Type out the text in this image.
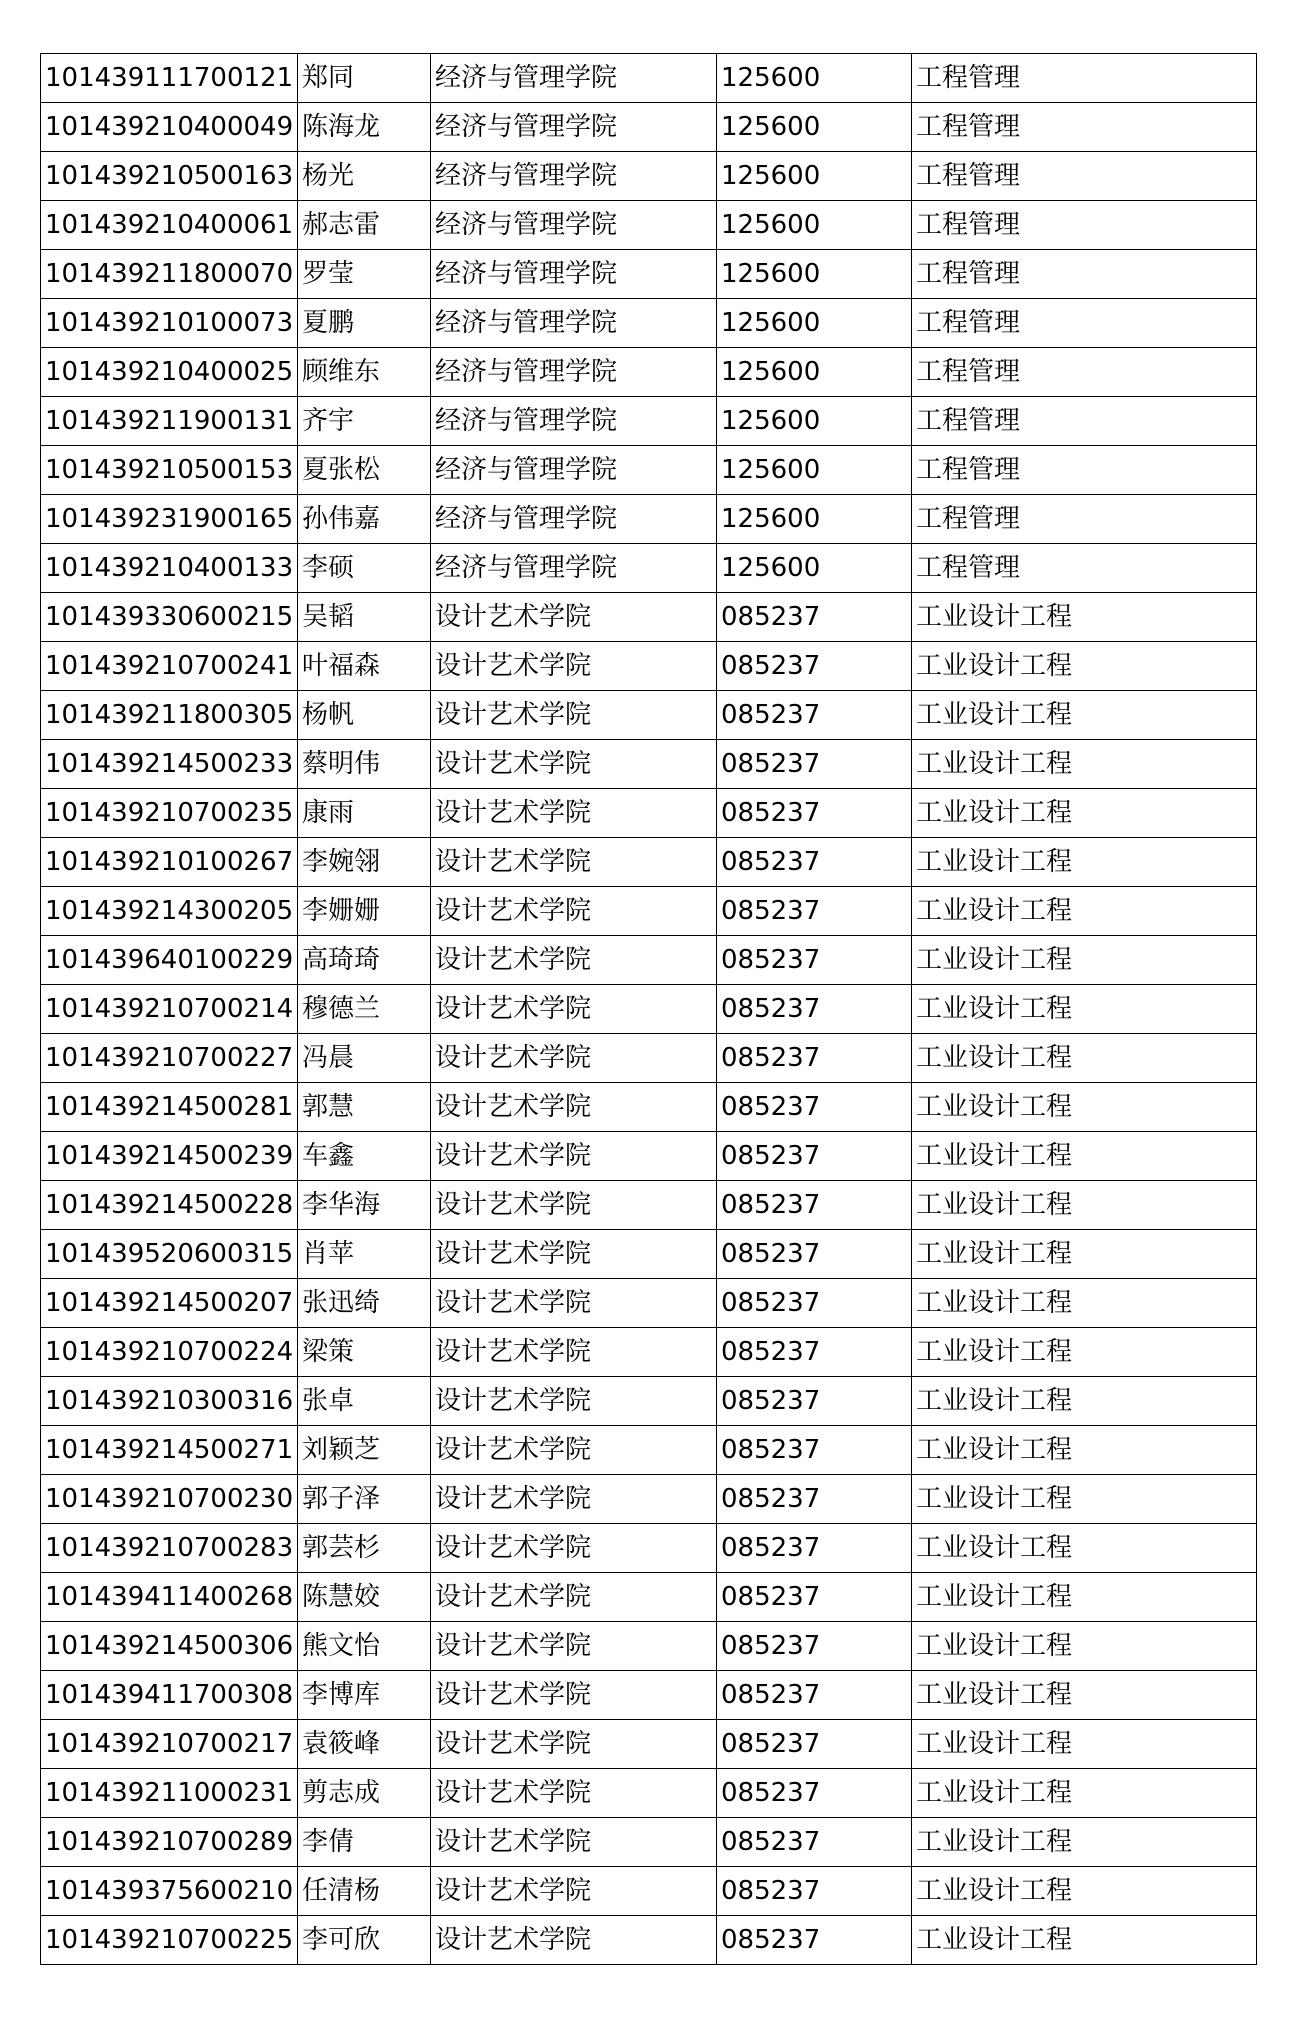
101439111700121	郑同	经济与管理学院	125600	工程管理
101439210400049	陈海龙	经济与管理学院	125600	工程管理
101439210500163	杨光	经济与管理学院	125600	工程管理
101439210400061	郝志雷	经济与管理学院	125600	工程管理
101439211800070	罗莹	经济与管理学院	125600	工程管理
101439210100073	夏鹏	经济与管理学院	125600	工程管理
101439210400025	顾维东	经济与管理学院	125600	工程管理
101439211900131	齐宇	经济与管理学院	125600	工程管理
101439210500153	夏张松	经济与管理学院	125600	工程管理
101439231900165	孙伟嘉	经济与管理学院	125600	工程管理
101439210400133	李硕	经济与管理学院	125600	工程管理
101439330600215	吴韬	设计艺术学院	085237	工业设计工程
101439210700241	叶福森	设计艺术学院	085237	工业设计工程
101439211800305	杨帆	设计艺术学院	085237	工业设计工程
101439214500233	蔡明伟	设计艺术学院	085237	工业设计工程
101439210700235	康雨	设计艺术学院	085237	工业设计工程
101439210100267	李婉翎	设计艺术学院	085237	工业设计工程
101439214300205	李姗姗	设计艺术学院	085237	工业设计工程
101439640100229	高琦琦	设计艺术学院	085237	工业设计工程
101439210700214	穆德兰	设计艺术学院	085237	工业设计工程
101439210700227	冯晨	设计艺术学院	085237	工业设计工程
101439214500281	郭慧	设计艺术学院	085237	工业设计工程
101439214500239	车鑫	设计艺术学院	085237	工业设计工程
101439214500228	李华海	设计艺术学院	085237	工业设计工程
101439520600315	肖苹	设计艺术学院	085237	工业设计工程
101439214500207	张迅绮	设计艺术学院	085237	工业设计工程
101439210700224	梁策	设计艺术学院	085237	工业设计工程
101439210300316	张卓	设计艺术学院	085237	工业设计工程
101439214500271	刘颖芝	设计艺术学院	085237	工业设计工程
101439210700230	郭子泽	设计艺术学院	085237	工业设计工程
101439210700283	郭芸杉	设计艺术学院	085237	工业设计工程
101439411400268	陈慧姣	设计艺术学院	085237	工业设计工程
101439214500306	熊文怡	设计艺术学院	085237	工业设计工程
101439411700308	李博库	设计艺术学院	085237	工业设计工程
101439210700217	袁筱峰	设计艺术学院	085237	工业设计工程
101439211000231	剪志成	设计艺术学院	085237	工业设计工程
101439210700289	李倩	设计艺术学院	085237	工业设计工程
101439375600210	任清杨	设计艺术学院	085237	工业设计工程
101439210700225	李可欣	设计艺术学院	085237	工业设计工程
